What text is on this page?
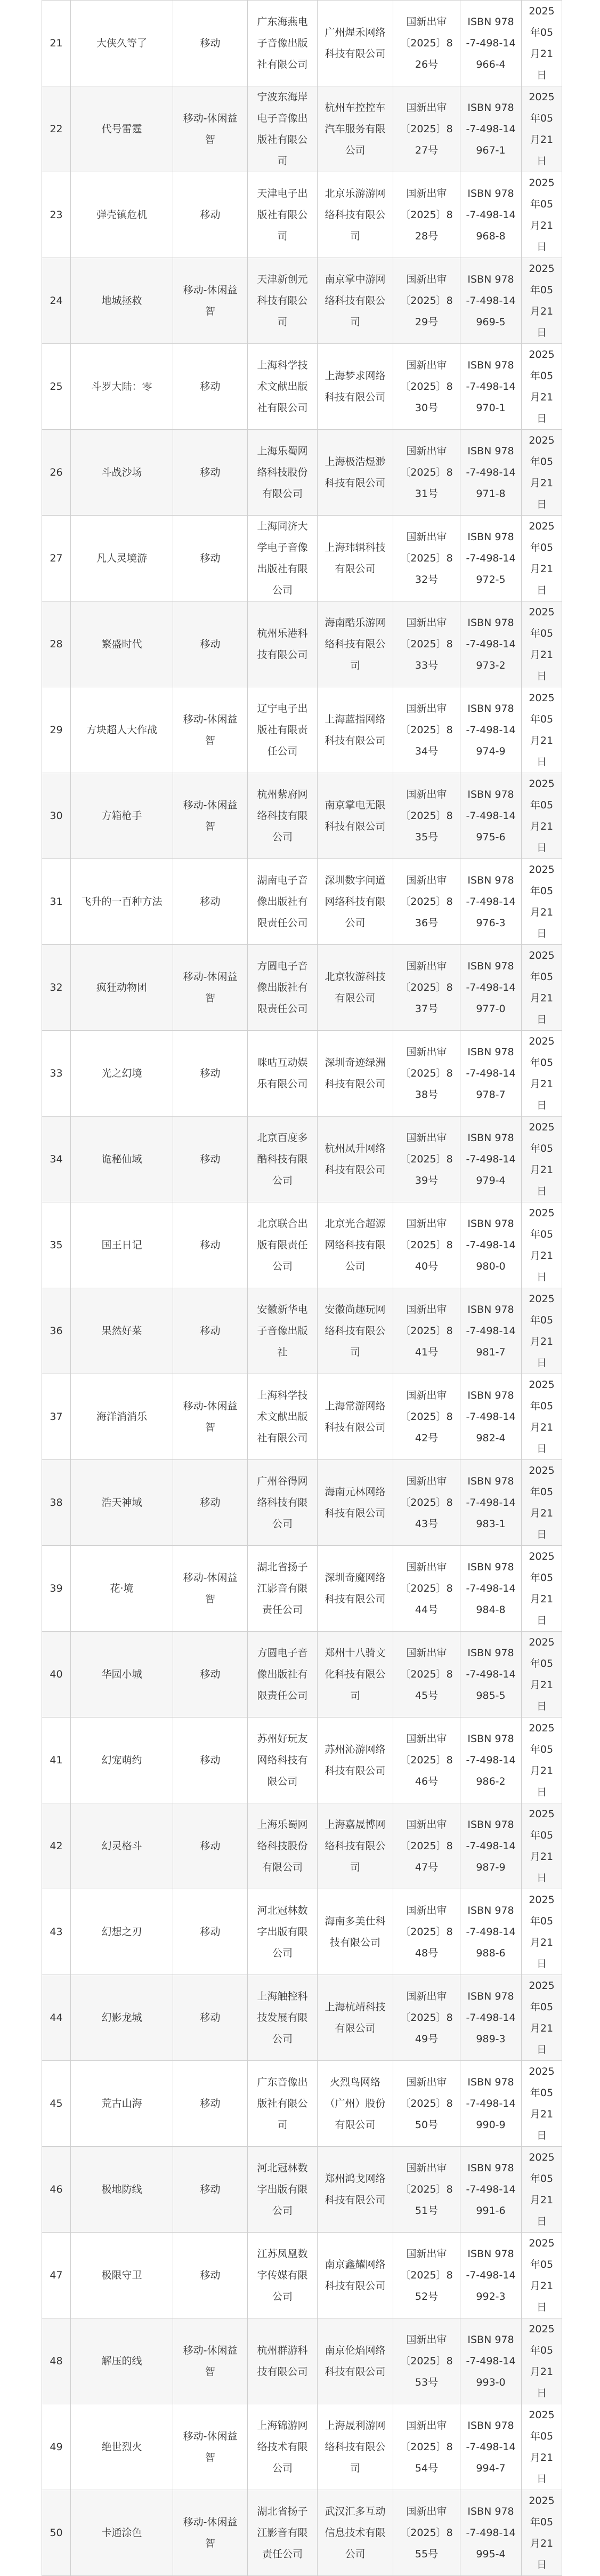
21	大侠久等了	移动	广东海燕电子音像出版社有限公司	广州煋禾网络科技有限公司	国新出审〔2025〕826号	ISBN 978-7-498-14966-4	2025年05月21日
22	代号雷霆	移动-休闲益智	宁波东海岸电子音像出版社有限公司	杭州车控控车汽车服务有限公司	国新出审〔2025〕827号	ISBN 978-7-498-14967-1	2025年05月21日
23	弹壳镇危机	移动	天津电子出版社有限公司	北京乐游游网络科技有限公司	国新出审〔2025〕828号	ISBN 978-7-498-14968-8	2025年05月21日
24	地城拯救	移动-休闲益智	天津新创元科技有限公司	南京掌中游网络科技有限公司	国新出审〔2025〕829号	ISBN 978-7-498-14969-5	2025年05月21日
25	斗罗大陆：零	移动	上海科学技术文献出版社有限公司	上海梦求网络科技有限公司	国新出审〔2025〕830号	ISBN 978-7-498-14970-1	2025年05月21日
26	斗战沙场	移动	上海乐蜀网络科技股份有限公司	上海极浩煜渺科技有限公司	国新出审〔2025〕831号	ISBN 978-7-498-14971-8	2025年05月21日
27	凡人灵境游	移动	上海同济大学电子音像出版社有限公司	上海玮辑科技有限公司	国新出审〔2025〕832号	ISBN 978-7-498-14972-5	2025年05月21日
28	繁盛时代	移动	杭州乐港科技有限公司	海南酷乐游网络科技有限公司	国新出审〔2025〕833号	ISBN 978-7-498-14973-2	2025年05月21日
29	方块超人大作战	移动-休闲益智	辽宁电子出版社有限责任公司	上海蓝指网络科技有限公司	国新出审〔2025〕834号	ISBN 978-7-498-14974-9	2025年05月21日
30	方箱枪手	移动-休闲益智	杭州紫府网络科技有限公司	南京掌电无限科技有限公司	国新出审〔2025〕835号	ISBN 978-7-498-14975-6	2025年05月21日
31	飞升的一百种方法	移动	湖南电子音像出版社有限责任公司	深圳数字问道网络科技有限公司	国新出审〔2025〕836号	ISBN 978-7-498-14976-3	2025年05月21日
32	疯狂动物团	移动-休闲益智	方圆电子音像出版社有限责任公司	北京牧游科技有限公司	国新出审〔2025〕837号	ISBN 978-7-498-14977-0	2025年05月21日
33	光之幻境	移动	咪咕互动娱乐有限公司	深圳奇迹绿洲科技有限公司	国新出审〔2025〕838号	ISBN 978-7-498-14978-7	2025年05月21日
34	诡秘仙域	移动	北京百度多酷科技有限公司	杭州凤升网络科技有限公司	国新出审〔2025〕839号	ISBN 978-7-498-14979-4	2025年05月21日
35	国王日记	移动	北京联合出版有限责任公司	北京光合超源网络科技有限公司	国新出审〔2025〕840号	ISBN 978-7-498-14980-0	2025年05月21日
36	果然好菜	移动	安徽新华电子音像出版社	安徽尚趣玩网络科技有限公司	国新出审〔2025〕841号	ISBN 978-7-498-14981-7	2025年05月21日
37	海洋消消乐	移动-休闲益智	上海科学技术文献出版社有限公司	上海常游网络科技有限公司	国新出审〔2025〕842号	ISBN 978-7-498-14982-4	2025年05月21日
38	浩天神域	移动	广州谷得网络科技有限公司	海南元林网络科技有限公司	国新出审〔2025〕843号	ISBN 978-7-498-14983-1	2025年05月21日
39	花·境	移动-休闲益智	湖北省扬子江影音有限责任公司	深圳奇魔网络科技有限公司	国新出审〔2025〕844号	ISBN 978-7-498-14984-8	2025年05月21日
40	华园小城	移动	方圆电子音像出版社有限责任公司	郑州十八骑文化科技有限公司	国新出审〔2025〕845号	ISBN 978-7-498-14985-5	2025年05月21日
41	幻宠萌约	移动	苏州好玩友网络科技有限公司	苏州沁游网络科技有限公司	国新出审〔2025〕846号	ISBN 978-7-498-14986-2	2025年05月21日
42	幻灵格斗	移动	上海乐蜀网络科技股份有限公司	上海嘉晟博网络科技有限公司	国新出审〔2025〕847号	ISBN 978-7-498-14987-9	2025年05月21日
43	幻想之刃	移动	河北冠林数字出版有限公司	海南多美仕科技有限公司	国新出审〔2025〕848号	ISBN 978-7-498-14988-6	2025年05月21日
44	幻影龙城	移动	上海触控科技发展有限公司	上海杭靖科技有限公司	国新出审〔2025〕849号	ISBN 978-7-498-14989-3	2025年05月21日
45	荒古山海	移动	广东音像出版社有限公司	火烈鸟网络（广州）股份有限公司	国新出审〔2025〕850号	ISBN 978-7-498-14990-9	2025年05月21日
46	极地防线	移动	河北冠林数字出版有限公司	郑州鸿戈网络科技有限公司	国新出审〔2025〕851号	ISBN 978-7-498-14991-6	2025年05月21日
47	极限守卫	移动	江苏凤凰数字传媒有限公司	南京鑫耀网络科技有限公司	国新出审〔2025〕852号	ISBN 978-7-498-14992-3	2025年05月21日
48	解压的线	移动-休闲益智	杭州群游科技有限公司	南京伦焰网络科技有限公司	国新出审〔2025〕853号	ISBN 978-7-498-14993-0	2025年05月21日
49	绝世烈火	移动-休闲益智	上海锦游网络技术有限公司	上海晟利游网络科技有限公司	国新出审〔2025〕854号	ISBN 978-7-498-14994-7	2025年05月21日
50	卡通涂色	移动-休闲益智	湖北省扬子江影音有限责任公司	武汉汇多互动信息技术有限公司	国新出审〔2025〕855号	ISBN 978-7-498-14995-4	2025年05月21日
